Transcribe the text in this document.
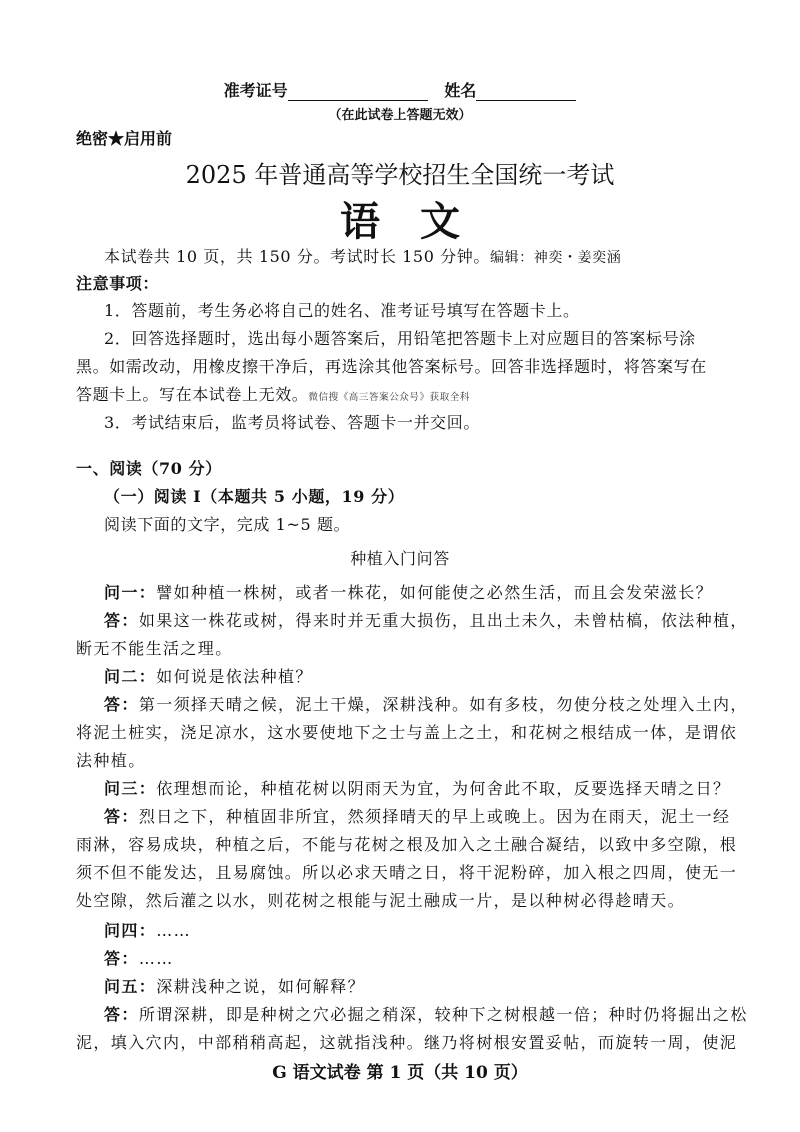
准考证号	姓名
（在此试卷上答题无效）
绝密★启用前
2025 年普通高等学校招生全国统一考试
语文
本试卷共 10 页，共 150 分。考试时长 150 分钟。编辑：神奕・姜奕涵
注意事项：
1．答题前，考生务必将自己的姓名、准考证号填写在答题卡上。
2．回答选择题时，选出每小题答案后，用铅笔把答题卡上对应题目的答案标号涂
黑。如需改动，用橡皮擦干净后，再选涂其他答案标号。回答非选择题时，将答案写在
答题卡上。写在本试卷上无效。微信搜《高三答案公众号》获取全科
3．考试结束后，监考员将试卷、答题卡一并交回。
一、阅读（70 分）
（一）阅读 I（本题共 5 小题，19 分）
阅读下面的文字，完成 1~5 题。
种植入门问答
问一：譬如种植一株树，或者一株花，如何能使之必然生活，而且会发荣滋长？
答：如果这一株花或树，得来时并无重大损伤，且出土未久，未曾枯槁，依法种植，
断无不能生活之理。
问二：如何说是依法种植？
答：第一须择天晴之候，泥土干燥，深耕浅种。如有多枝，勿使分枝之处埋入土内，
将泥土桩实，浇足凉水，这水要使地下之士与盖上之土，和花树之根结成一体，是谓依
法种植。
问三：依理想而论，种植花树以阴雨天为宜，为何舍此不取，反要选择天晴之日？
答：烈日之下，种植固非所宜，然须择晴天的早上或晚上。因为在雨天，泥土一经
雨淋，容易成块，种植之后，不能与花树之根及加入之土融合凝结，以致中多空隙，根
须不但不能发达，且易腐蚀。所以必求天晴之日，将干泥粉碎，加入根之四周，使无一
处空隙，然后灌之以水，则花树之根能与泥土融成一片，是以种树必得趁晴天。
问四：……
答：……
问五：深耕浅种之说，如何解释？
答：所谓深耕，即是种树之穴必掘之稍深，较种下之树根越一倍；种时仍将掘出之松
泥，填入穴内，中部稍稍高起，这就指浅种。继乃将树根安置妥帖，而旋转一周，使泥
G 语文试卷 第 1 页（共 10 页）
